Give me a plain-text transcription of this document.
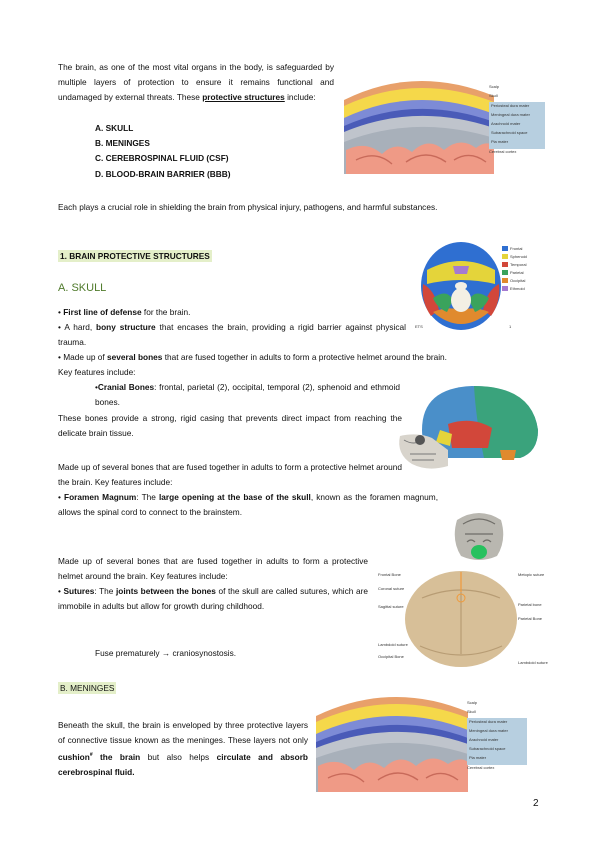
The brain, as one of the most vital organs in the body, is safeguarded by multiple layers of protection to ensure it remains functional and undamaged by external threats. These protective structures include:
A. SKULL
B. MENINGES
C. CEREBROSPINAL FLUID (CSF)
D. BLOOD-BRAIN BARRIER (BBB)
Each plays a crucial role in shielding the brain from physical injury, pathogens, and harmful substances.
Scalp
Skull
Periosteal dura mater
Meningeal dura mater
Arachnoid mater
Subarachnoid space
Pia mater
Cerebral cortex
1. BRAIN PROTECTIVE STRUCTURES
Frontal
Sphenoid
Temporal
Parietal
Occipital
Ethmoid
ETS	1
A. SKULL
• First line of defense for the brain.
• A hard, bony structure that encases the brain, providing a rigid barrier against physical trauma.
• Made up of several bones that are fused together in adults to form a protective helmet around the brain.
Key features include:
•Cranial Bones: frontal, parietal (2), occipital, temporal (2), sphenoid and ethmoid bones.
These bones provide a strong, rigid casing that prevents direct impact from reaching the delicate brain tissue.
Made up of several bones that are fused together in adults to form a protective helmet around the brain. Key features include:
• Foramen Magnum: The large opening at the base of the skull, known as the foramen magnum, allows the spinal cord to connect to the brainstem.
Made up of several bones that are fused together in adults to form a protective helmet around the brain. Key features include:
• Sutures: The joints between the bones of the skull are called sutures, which are immobile in adults but allow for growth during childhood.
Fuse prematurely → craniosynostosis.
Frontal Bone
Coronal suture
Sagittal suture
Lambdoid suture
Occipital Bone
Metopic suture
Parietal bone
Parietal Bone
Lambdoid suture
B. MENINGES
Beneath the skull, the brain is enveloped by three protective layers of connective tissue known as the meninges. These layers not only cushion# the brain but also helps circulate and absorb cerebrospinal fluid.
Scalp
Skull
Periosteal dura mater
Meningeal dura mater
Arachnoid mater
Subarachnoid space
Pia mater
Cerebral cortex
2
